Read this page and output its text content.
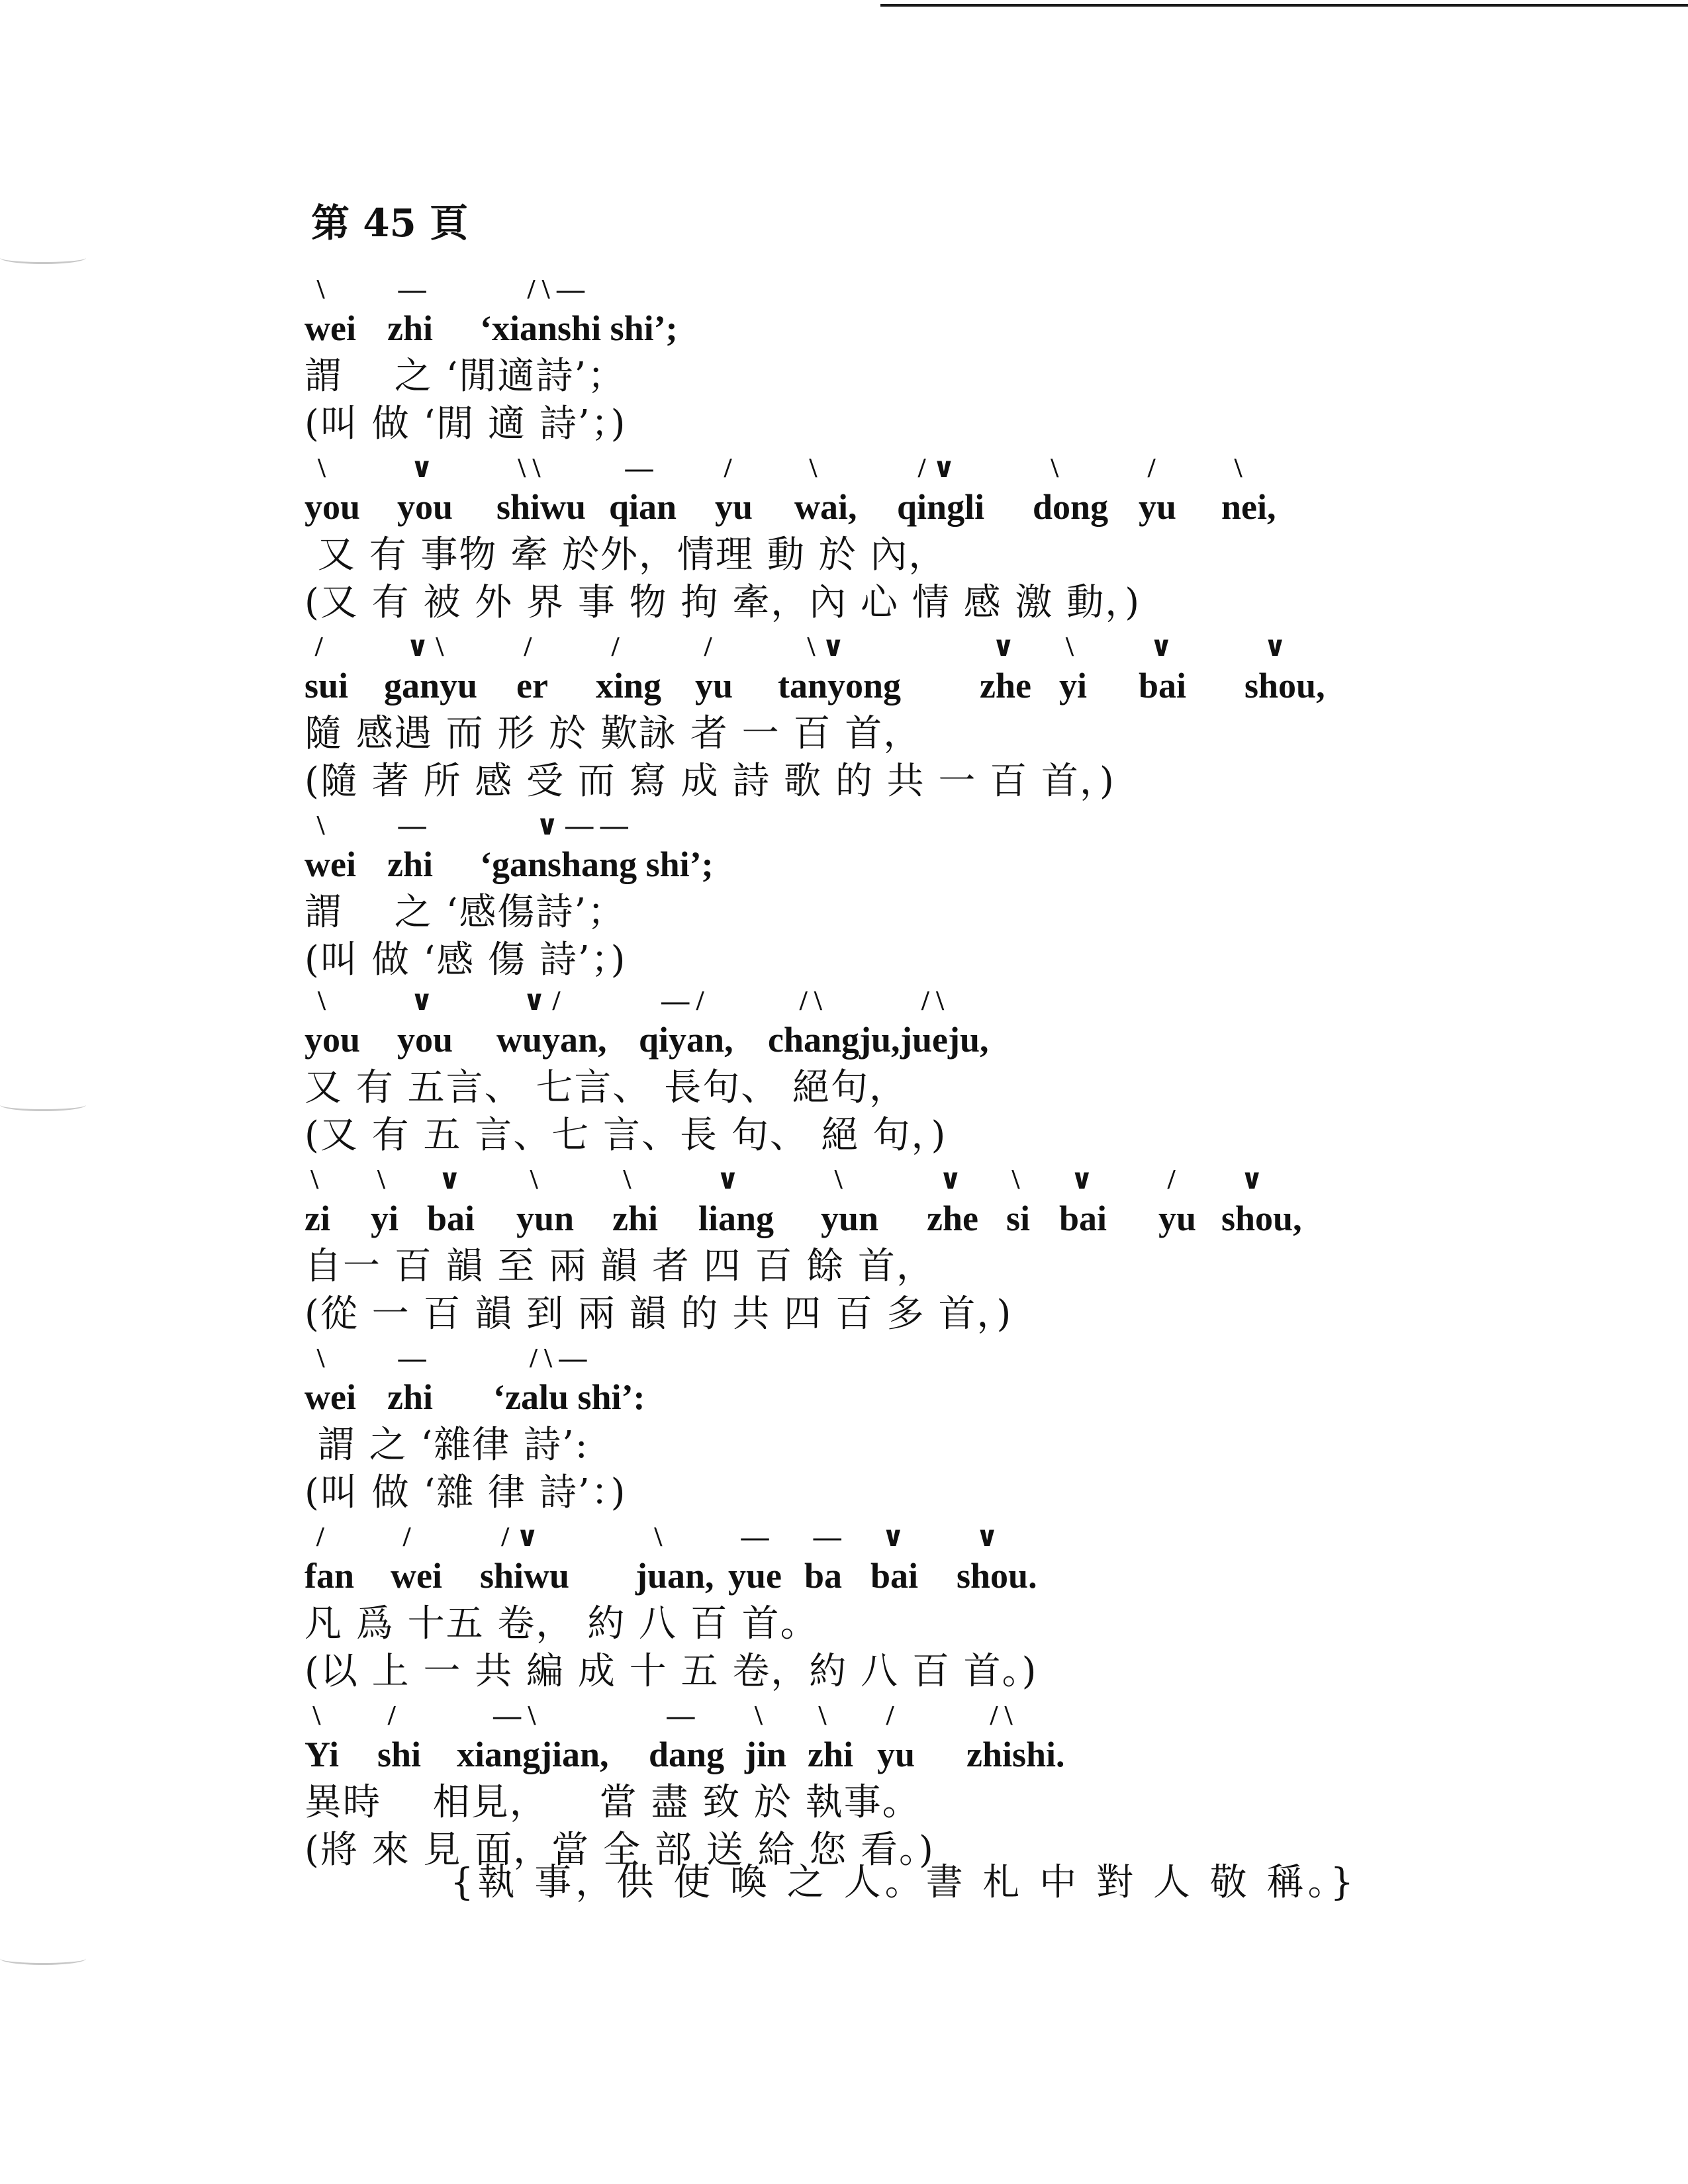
第 45 頁
\
wei
—
zhi
/ \ —
‘xianshi shi’;
謂　 之 ‘閒適詩’；
(叫 做 ‘閒 適 詩’；)
\
you
∨
you
\ \
shiwu
—
qian
/
yu
\
wai,
/ ∨
qingli
\
dong
/
yu
\
nei,
又 有 事物 牽 於外，情理 動 於 內，
(又 有 被 外 界 事 物 拘 牽，內 心 情 感 激 動，)
/
sui
∨ \
ganyu
/
er
/
xing
/
yu
\ ∨
tanyong
∨
zhe
\
yi
∨
bai
∨
shou,
隨 感遇 而 形 於 歎詠 者 一 百 首，
(隨 著 所 感 受 而 寫 成 詩 歌 的 共 一 百 首，)
\
wei
—
zhi
∨ — —
‘ganshang shi’;
謂　 之 ‘感傷詩’；
(叫 做 ‘感 傷 詩’；)
\
you
∨
you
∨ /
wuyan,
— /
qiyan,
/ \
changju,
/ \
jueju,
又 有 五言、 七言、 長句、 絕句，
(又 有 五 言、七 言、長 句、 絕 句，)
\
zi
\
yi
∨
bai
\
yun
\
zhi
∨
liang
\
yun
∨
zhe
\
si
∨
bai
/
yu
∨
shou,
自一 百 韻 至 兩 韻 者 四 百 餘 首，
(從 一 百 韻 到 兩 韻 的 共 四 百 多 首，)
\
wei
—
zhi
/ \ —
‘zalu shi’:
謂 之 ‘雜律 詩’:
(叫 做 ‘雜 律 詩’：)
/
fan
/
wei
/ ∨
shiwu
\
juan,
—
yue
—
ba
∨
bai
∨
shou.
凡 爲 十五 卷， 約 八 百 首。
(以 上 一 共 編 成 十 五 卷，約 八 百 首。)
\
Yi
/
shi
— \
xiangjian,
—
dang
\
jin
\
zhi
/
yu
/ \
zhishi.
異時 　相見， 　當 盡 致 於 執事。
(將 來 見 面，當 全 部 送 給 您 看。)
{執 事，供 使 喚 之 人。書 札 中 對 人 敬 稱。}
